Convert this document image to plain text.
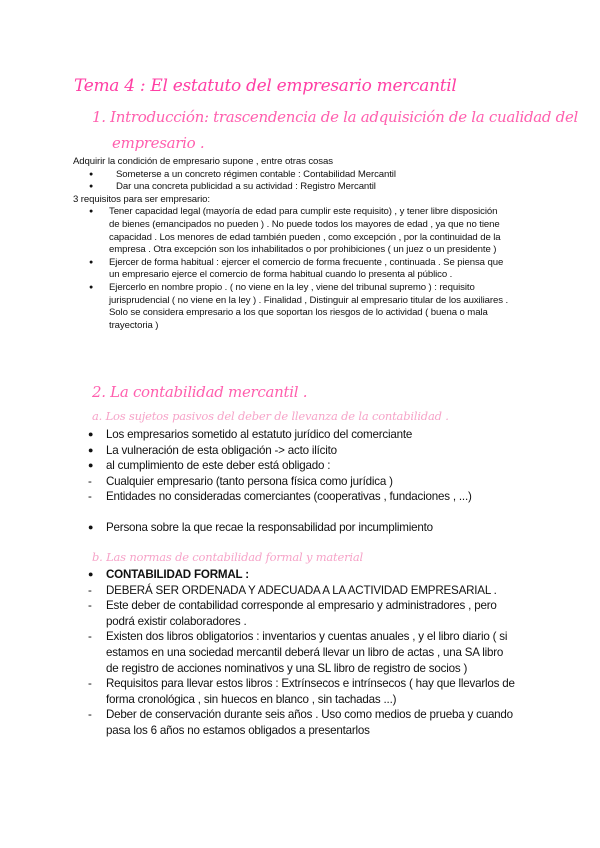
Tema 4 : El estatuto del empresario mercantil
1. Introducción: trascendencia de la adquisición de la cualidad del
empresario .
Adquirir la condición de empresario supone , entre otras cosas
● Someterse a un concreto régimen contable : Contabilidad Mercantil
● Dar una concreta publicidad a su actividad : Registro Mercantil
3 requisitos para ser empresario:
● Tener capacidad legal (mayoría de edad para cumplir este requisito) , y tener libre disposición de bienes (emancipados no pueden ) . No puede todos los mayores de edad , ya que no tiene capacidad . Los menores de edad también pueden , como excepción , por la continuidad de la empresa . Otra excepción son los inhabilitados o por prohibiciones ( un juez o un presidente )
● Ejercer de forma habitual : ejercer el comercio de forma frecuente , continuada . Se piensa que un empresario ejerce el comercio de forma habitual cuando lo presenta al público .
● Ejercerlo en nombre propio . ( no viene en la ley , viene del tribunal supremo ) : requisito jurisprudencial ( no viene en la ley ) . Finalidad , Distinguir al empresario titular de los auxiliares . Solo se considera empresario a los que soportan los riesgos de lo actividad ( buena o mala trayectoria )
2. La contabilidad mercantil .
a. Los sujetos pasivos del deber de llevanza de la contabilidad .
● Los empresarios sometido al estatuto jurídico del comerciante
● La vulneración de esta obligación -> acto ilícito
● al cumplimiento de este deber está obligado :
- Cualquier empresario (tanto persona física como jurídica )
- Entidades no consideradas comerciantes (cooperativas , fundaciones , ...)
● Persona sobre la que recae la responsabilidad por incumplimiento
b. Las normas de contabilidad formal y material
● CONTABILIDAD FORMAL :
- DEBERÁ SER ORDENADA Y ADECUADA A LA ACTIVIDAD EMPRESARIAL .
- Este deber de contabilidad corresponde al empresario y administradores , pero podrá existir colaboradores .
- Existen dos libros obligatorios : inventarios y cuentas anuales , y el libro diario ( si estamos en una sociedad mercantil deberá llevar un libro de actas , una SA libro de registro de acciones nominativos y una SL libro de registro de socios )
- Requisitos para llevar estos libros : Extrínsecos e intrínsecos ( hay que llevarlos de forma cronológica , sin huecos en blanco , sin tachadas ...)
- Deber de conservación durante seis años . Uso como medios de prueba y cuando pasa los 6 años no estamos obligados a presentarlos
